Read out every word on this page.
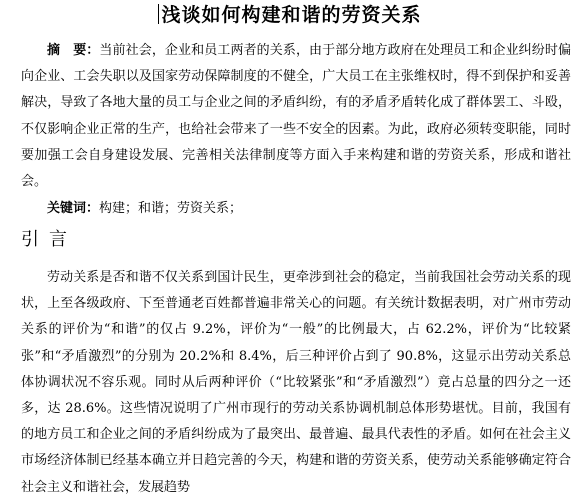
浅谈如何构建和谐的劳资关系

摘　要：当前社会，企业和员工两者的关系，由于部分地方政府在处理员工和企业纠纷时偏向企业、工会失职以及国家劳动保障制度的不健全，广大员工在主张维权时，得不到保护和妥善解决，导致了各地大量的员工与企业之间的矛盾纠纷，有的矛盾矛盾转化成了群体罢工、斗殴，不仅影响企业正常的生产，也给社会带来了一些不安全的因素。为此，政府必须转变职能，同时要加强工会自身建设发展、完善相关法律制度等方面入手来构建和谐的劳资关系，形成和谐社会。

关键词：构建；和谐；劳资关系；
引言

劳动关系是否和谐不仅关系到国计民生，更牵涉到社会的稳定，当前我国社会劳动关系的现状，上至各级政府、下至普通老百姓都普遍非常关心的问题。有关统计数据表明，对广州市劳动关系的评价为“和谐”的仅占 9.2%，评价为“一般”的比例最大，占 62.2%，评价为“比较紧张”和“矛盾激烈”的分别为 20.2%和 8.4%，后三种评价占到了 90.8%，这显示出劳动关系总体协调状况不容乐观。同时从后两种评价（“比较紧张”和“矛盾激烈”）竟占总量的四分之一还多，达 28.6%。这些情况说明了广州市现行的劳动关系协调机制总体形势堪忧。目前，我国有的地方员工和企业之间的矛盾纠纷成为了最突出、最普遍、最具代表性的矛盾。如何在社会主义市场经济体制已经基本确立并日趋完善的今天，构建和谐的劳资关系，使劳动关系能够确定符合社会主义和谐社会，发展趋势
